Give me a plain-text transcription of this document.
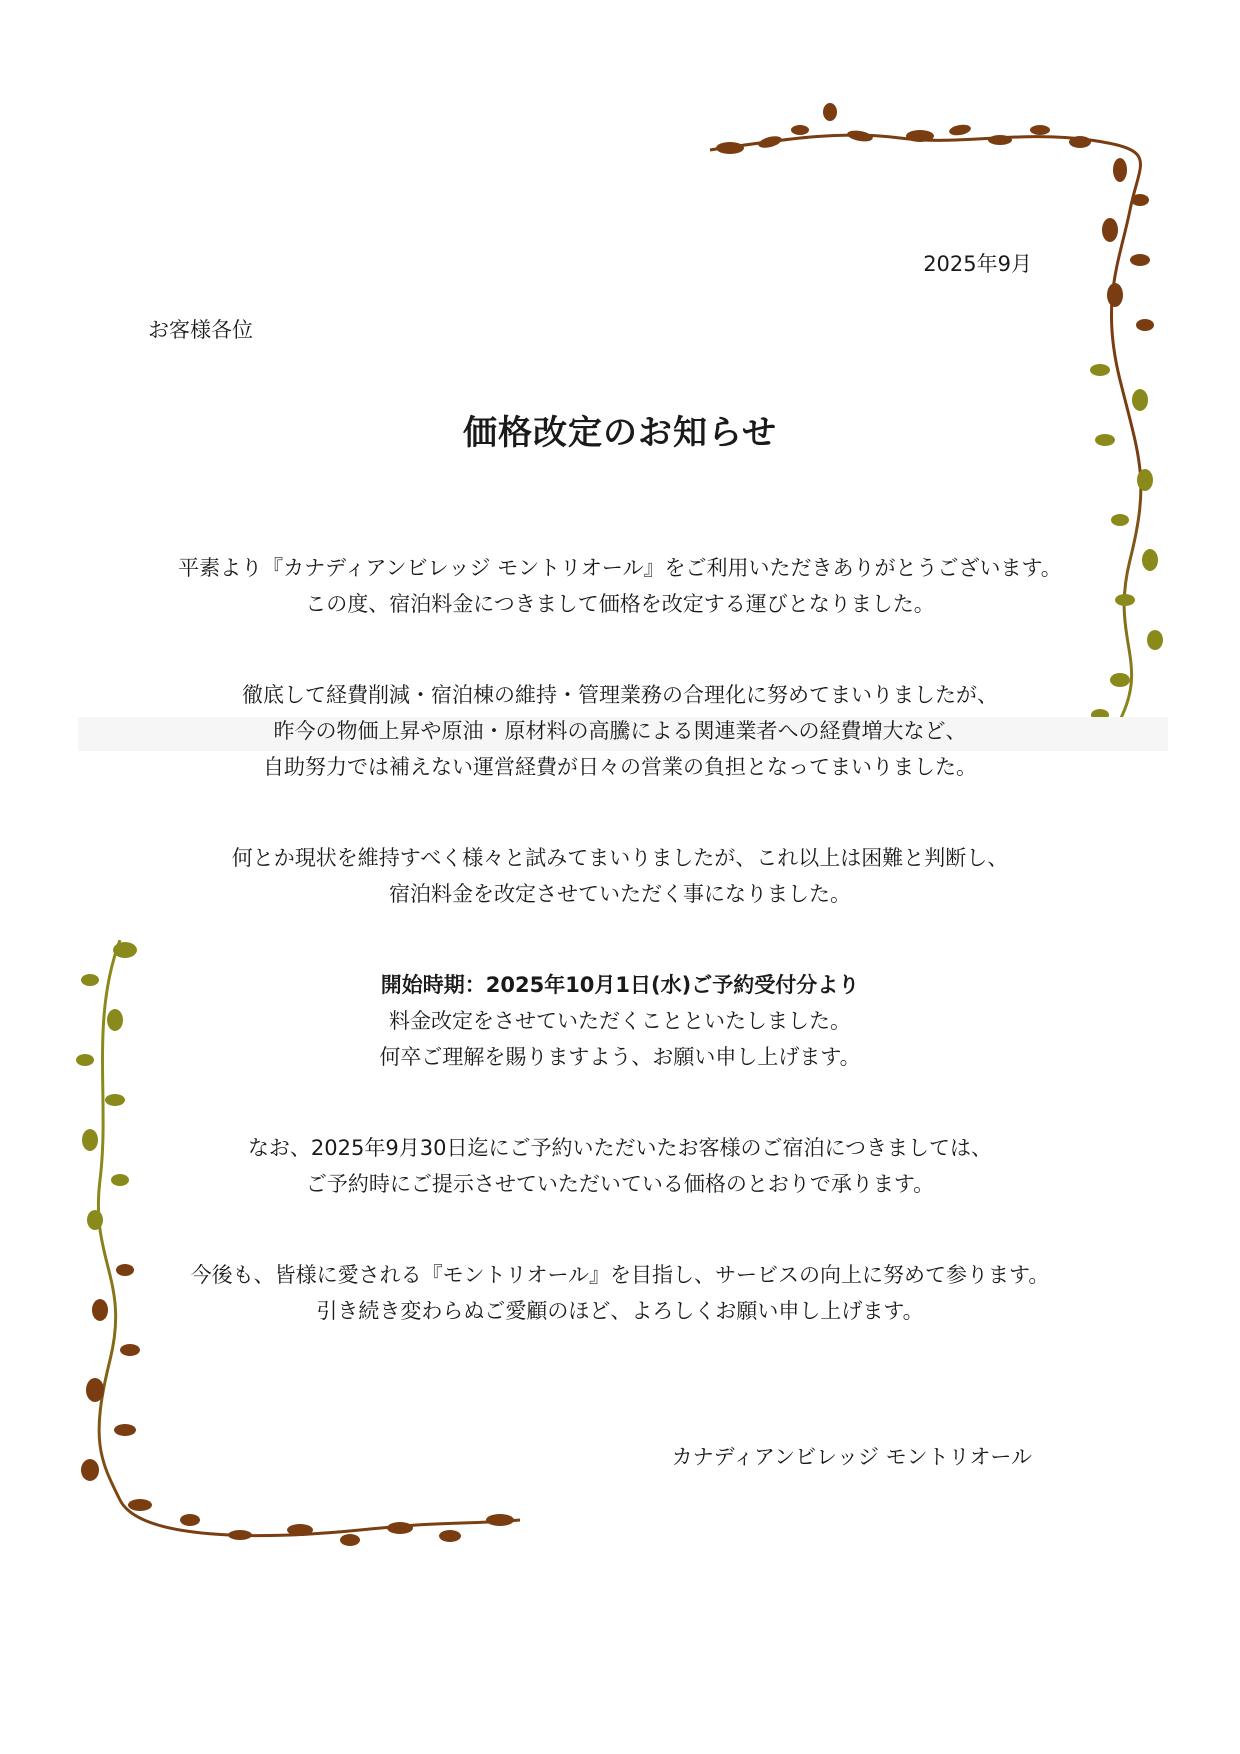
2025年9月
お客様各位
価格改定のお知らせ

平素より『カナディアンビレッジ モントリオール』をご利用いただきありがとうございます。
この度、宿泊料金につきまして価格を改定する運びとなりました。

徹底して経費削減・宿泊棟の維持・管理業務の合理化に努めてまいりましたが、
昨今の物価上昇や原油・原材料の高騰による関連業者への経費増大など、
自助努力では補えない運営経費が日々の営業の負担となってまいりました。

何とか現状を維持すべく様々と試みてまいりましたが、これ以上は困難と判断し、
宿泊料金を改定させていただく事になりました。

開始時期：2025年10月1日(水)ご予約受付分より
料金改定をさせていただくことといたしました。
何卒ご理解を賜りますよう、お願い申し上げます。

なお、2025年9月30日迄にご予約いただいたお客様のご宿泊につきましては、
ご予約時にご提示させていただいている価格のとおりで承ります。

今後も、皆様に愛される『モントリオール』を目指し、サービスの向上に努めて参ります。
引き続き変わらぬご愛顧のほど、よろしくお願い申し上げます。

カナディアンビレッジ モントリオール
